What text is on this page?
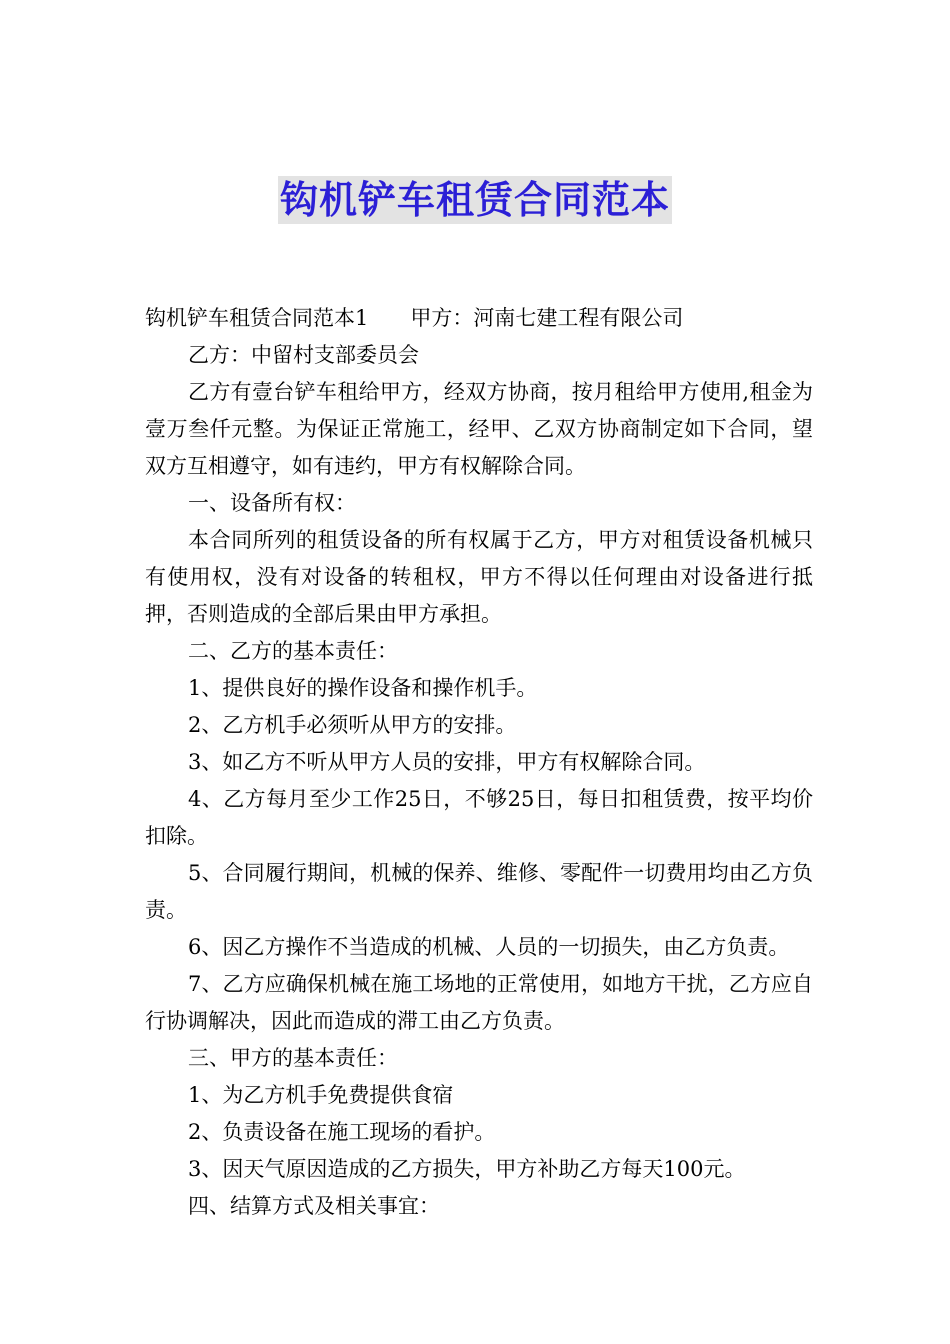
钩机铲车租赁合同范本

钩机铲车租赁合同范本1　　甲方：河南七建工程有限公司

乙方：中留村支部委员会

乙方有壹台铲车租给甲方，经双方协商，按月租给甲方使用,租金为壹万叁仟元整。为保证正常施工，经甲、乙双方协商制定如下合同，望双方互相遵守，如有违约，甲方有权解除合同。

一、设备所有权：

本合同所列的租赁设备的所有权属于乙方，甲方对租赁设备机械只有使用权，没有对设备的转租权，甲方不得以任何理由对设备进行抵押，否则造成的全部后果由甲方承担。

二、乙方的基本责任：

1、提供良好的操作设备和操作机手。

2、乙方机手必须听从甲方的安排。

3、如乙方不听从甲方人员的安排，甲方有权解除合同。

4、乙方每月至少工作25日，不够25日，每日扣租赁费，按平均价扣除。

5、合同履行期间，机械的保养、维修、零配件一切费用均由乙方负责。

6、因乙方操作不当造成的机械、人员的一切损失，由乙方负责。

7、乙方应确保机械在施工场地的正常使用，如地方干扰，乙方应自行协调解决，因此而造成的滞工由乙方负责。

三、甲方的基本责任：

1、为乙方机手免费提供食宿

2、负责设备在施工现场的看护。

3、因天气原因造成的乙方损失，甲方补助乙方每天100元。

四、结算方式及相关事宜：
